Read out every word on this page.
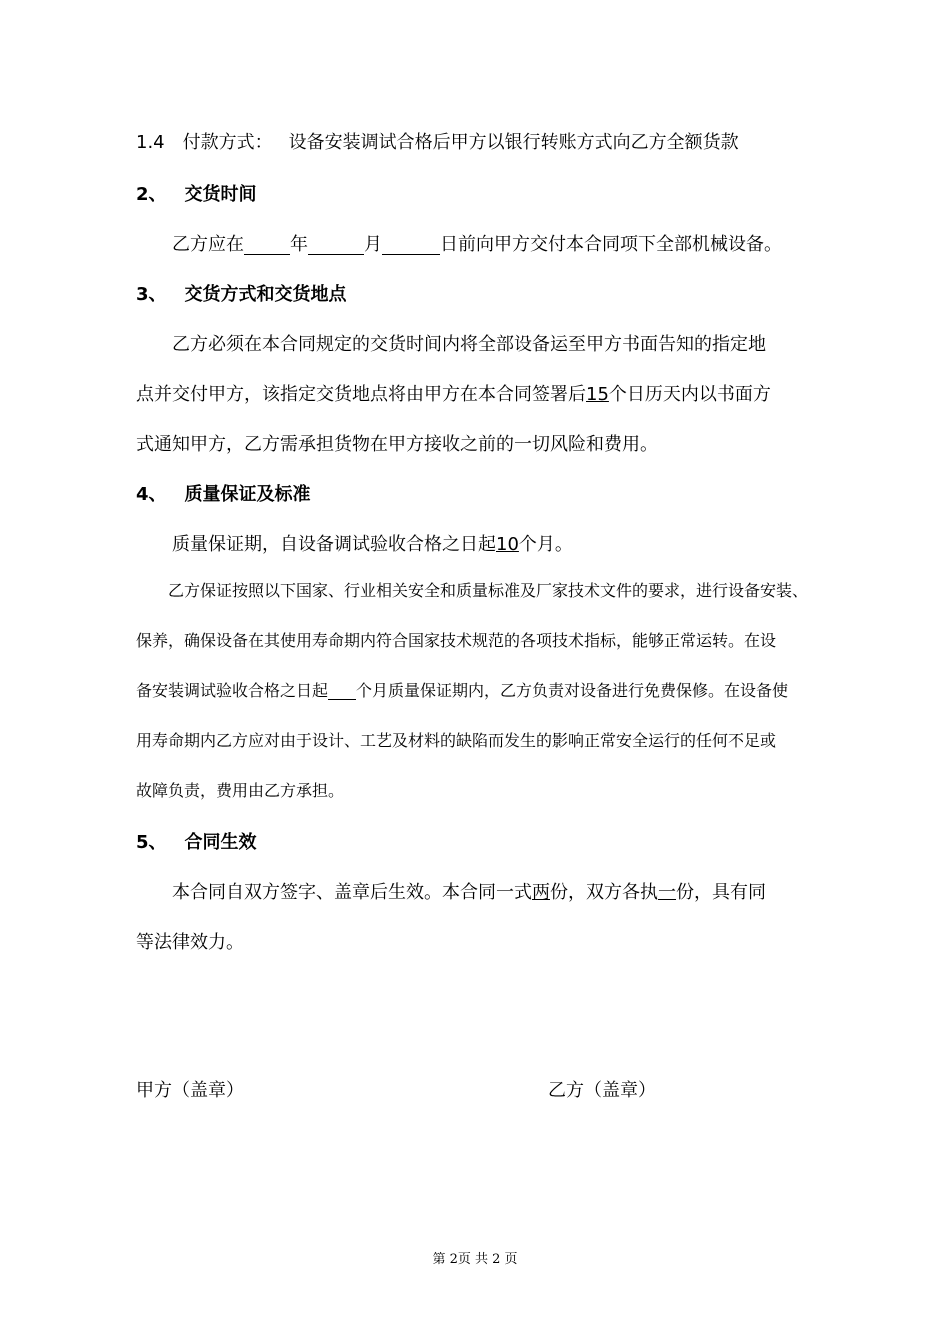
1.4 付款方式： 设备安装调试合格后甲方以银行转账方式向乙方全额货款
2、 交货时间
乙方应在	年	月	日前向甲方交付本合同项下全部机械设备。
3、 交货方式和交货地点
乙方必须在本合同规定的交货时间内将全部设备运至甲方书面告知的指定地
点并交付甲方，该指定交货地点将由甲方在本合同签署后15个日历天内以书面方
式通知甲方，乙方需承担货物在甲方接收之前的一切风险和费用。
4、 质量保证及标准
质量保证期，自设备调试验收合格之日起10个月。
乙方保证按照以下国家、行业相关安全和质量标准及厂家技术文件的要求，进行设备安装、
保养，确保设备在其使用寿命期内符合国家技术规范的各项技术指标，能够正常运转。在设
备安装调试验收合格之日起 个月质量保证期内，乙方负责对设备进行免费保修。在设备使
用寿命期内乙方应对由于设计、工艺及材料的缺陷而发生的影响正常安全运行的任何不足或
故障负责，费用由乙方承担。
5、 合同生效
本合同自双方签字、盖章后生效。本合同一式两份，双方各执一份，具有同
等法律效力。
甲方（盖章）	乙方（盖章）
第 2页 共 2 页
